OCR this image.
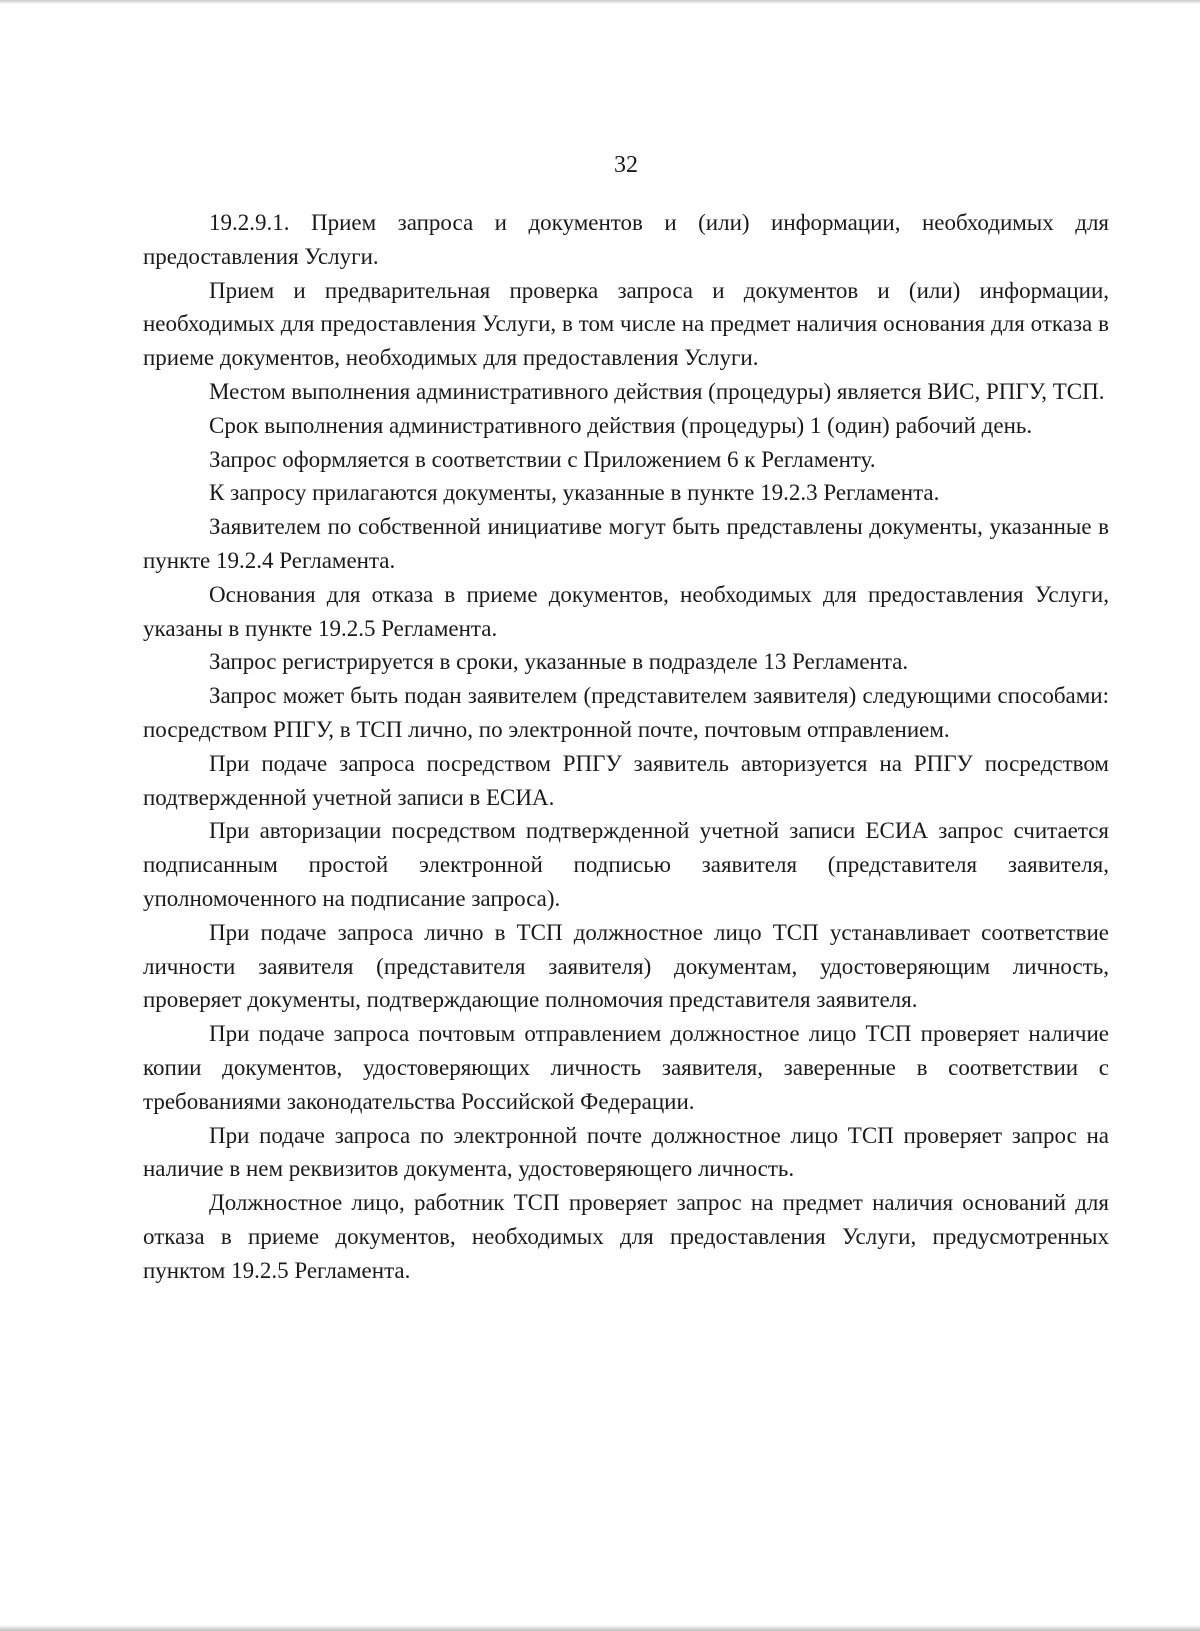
32

19.2.9.1. Прием запроса и документов и (или) информации, необходимых для предоставления Услуги.

Прием и предварительная проверка запроса и документов и (или) информации, необходимых для предоставления Услуги, в том числе на предмет наличия основания для отказа в приеме документов, необходимых для предоставления Услуги.

Местом выполнения административного действия (процедуры) является ВИС, РПГУ, ТСП.

Срок выполнения административного действия (процедуры) 1 (один) рабочий день.

Запрос оформляется в соответствии с Приложением 6 к Регламенту.

К запросу прилагаются документы, указанные в пункте 19.2.3 Регламента.

Заявителем по собственной инициативе могут быть представлены документы, указанные в пункте 19.2.4 Регламента.

Основания для отказа в приеме документов, необходимых для предоставления Услуги, указаны в пункте 19.2.5 Регламента.

Запрос регистрируется в сроки, указанные в подразделе 13 Регламента.

Запрос может быть подан заявителем (представителем заявителя) следующими способами: посредством РПГУ, в ТСП лично, по электронной почте, почтовым отправлением.

При подаче запроса посредством РПГУ заявитель авторизуется на РПГУ посредством подтвержденной учетной записи в ЕСИА.

При авторизации посредством подтвержденной учетной записи ЕСИА запрос считается подписанным простой электронной подписью заявителя (представителя заявителя, уполномоченного на подписание запроса).

При подаче запроса лично в ТСП должностное лицо ТСП устанавливает соответствие личности заявителя (представителя заявителя) документам, удостоверяющим личность, проверяет документы, подтверждающие полномочия представителя заявителя.

При подаче запроса почтовым отправлением должностное лицо ТСП проверяет наличие копии документов, удостоверяющих личность заявителя, заверенные в соответствии с требованиями законодательства Российской Федерации.

При подаче запроса по электронной почте должностное лицо ТСП проверяет запрос на наличие в нем реквизитов документа, удостоверяющего личность.

Должностное лицо, работник ТСП проверяет запрос на предмет наличия оснований для отказа в приеме документов, необходимых для предоставления Услуги, предусмотренных пунктом 19.2.5 Регламента.
